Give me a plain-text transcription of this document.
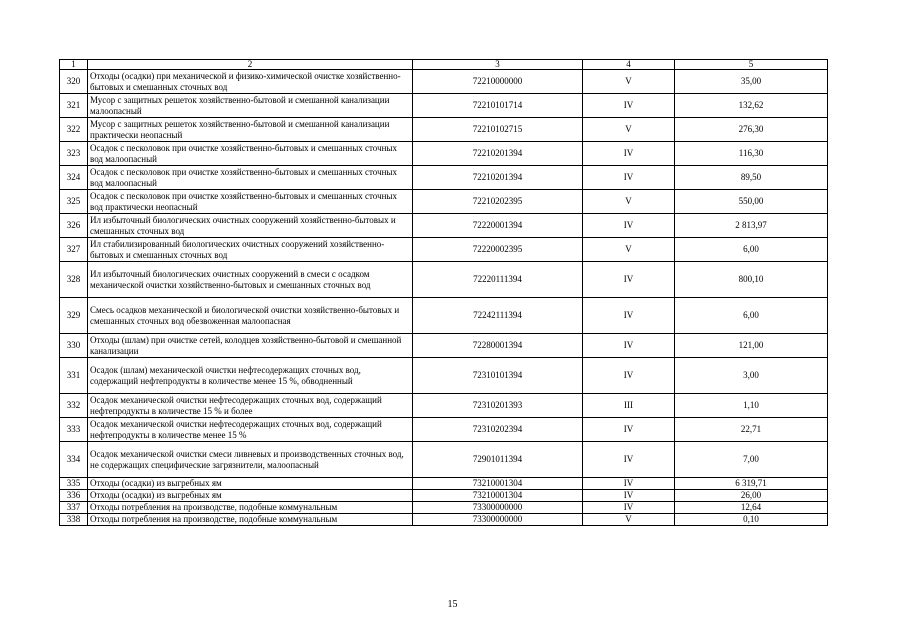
1	2	3	4	5
320	Отходы (осадки) при механической и физико-химической очистке хозяйственно-бытовых и смешанных сточных вод	72210000000	V	35,00
321	Мусор с защитных решеток хозяйственно-бытовой и смешанной канализации малоопасный	72210101714	IV	132,62
322	Мусор с защитных решеток хозяйственно-бытовой и смешанной канализации практически неопасный	72210102715	V	276,30
323	Осадок с песколовок при очистке хозяйственно-бытовых и смешанных сточных вод малоопасный	72210201394	IV	116,30
324	Осадок с песколовок при очистке хозяйственно-бытовых и смешанных сточных вод малоопасный	72210201394	IV	89,50
325	Осадок с песколовок при очистке хозяйственно-бытовых и смешанных сточных вод практически неопасный	72210202395	V	550,00
326	Ил избыточный биологических очистных сооружений хозяйственно-бытовых и смешанных сточных вод	72220001394	IV	2 813,97
327	Ил стабилизированный биологических очистных сооружений хозяйственно-бытовых и смешанных сточных вод	72220002395	V	6,00
328	Ил избыточный биологических очистных сооружений в смеси с осадком механической очистки хозяйственно-бытовых и смешанных сточных вод	72220111394	IV	800,10
329	Смесь осадков механической и биологической очистки хозяйственно-бытовых и смешанных сточных вод обезвоженная малоопасная	72242111394	IV	6,00
330	Отходы (шлам) при очистке сетей, колодцев хозяйственно-бытовой и смешанной канализации	72280001394	IV	121,00
331	Осадок (шлам) механической очистки нефтесодержащих сточных вод, содержащий нефтепродукты в количестве менее 15 %, обводненный	72310101394	IV	3,00
332	Осадок механической очистки нефтесодержащих сточных вод, содержащий нефтепродукты в количестве 15 % и более	72310201393	III	1,10
333	Осадок механической очистки нефтесодержащих сточных вод, содержащий нефтепродукты в количестве менее 15 %	72310202394	IV	22,71
334	Осадок механической очистки смеси ливневых и производственных сточных вод, не содержащих специфические загрязнители, малоопасный	72901011394	IV	7,00
335	Отходы (осадки) из выгребных ям	73210001304	IV	6 319,71
336	Отходы (осадки) из выгребных ям	73210001304	IV	26,00
337	Отходы потребления на производстве, подобные коммунальным	73300000000	IV	12,64
338	Отходы потребления на производстве, подобные коммунальным	73300000000	V	0,10
15
